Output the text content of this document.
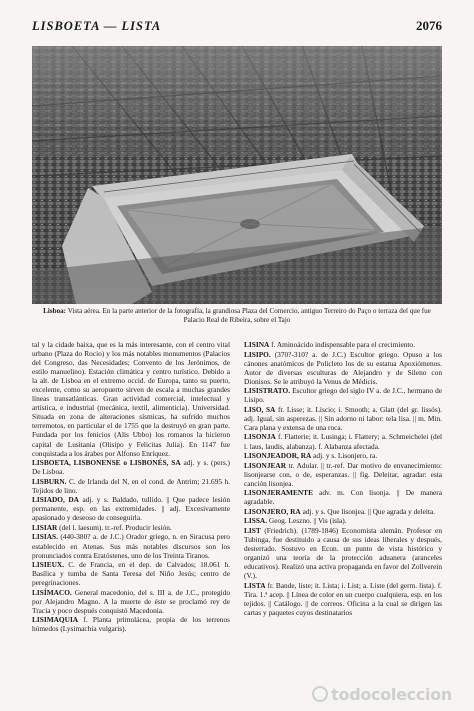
LISBOETA — LISTA	2076
Lisboa: Vista aérea. En la parte anterior de la fotografía, la grandiosa Plaza del Comercio, antiguo Terreiro do Paço o terraza del que fue Palacio Real de Ribeira, sobre el Tajo

tal y la cidade baixa, que es la más interesante, con el centro vital urbano (Plaza do Rocio) y los más notables monumentos (Palacios del Congreso, das Necesidades; Convento de los Jerónimos, de estilo manuelino). Estación climática y centro turístico. Debido a la alt. de Lisboa en el extremo occid. de Europa, tanto su puerto, excelente, como su aeropuerto sirven de escala a muchas grandes líneas transatlánticas. Gran actividad comercial, intelectual y artística, e industrial (mecánica, textil, alimenticia). Universidad. Situada en zona de alteraciones sísmicas, ha sufrido muchos terremotos, en particular el de 1755 que la destruyó en gran parte. Fundada por los fenicios (Alis Ubbo) los romanos la hicieron capital de Lusitania (Olisipo y Felicitas Julia). En 1147 fue conquistada a los árabes por Alfonso Enríquez.

LISBOETA, LISBONENSE o LISBONÉS, SA adj. y s. (pers.) De Lisboa.

LISBURN. C. de Irlanda del N, en el cond. de Antrim; 21.695 h. Tejidos de lino.

LISIADO, DA adj. y s. Baldado, tullido. || Que padece lesión permanente, esp. en las extremidades. || adj. Excesivamente apasionado y deseoso de conseguirla.

LISIAR (del l. laesum). tr.-ref. Producir lesión.

LISIAS. (440-380? a. de J.C.) Orador griego, n. en Siracusa pero establecido en Atenas. Sus más notables discursos son los pronunciados contra Eratóstenes, uno de los Treinta Tiranos.

LISIEUX. C. de Francia, en el dep. de Calvados; 18.061 h. Basílica y tumba de Santa Teresa del Niño Jesús; centro de peregrinaciones.

LISÍMACO. General macedonio, del s. III a. de J.C., protegido por Alejandro Magno. A la muerte de éste se proclamó rey de Tracia y poco después conquistó Macedonia.

LISIMAQUIA f. Planta primulácea, propia de los terrenos húmedos (Lysimachia vulgaris).

LISINA f. Aminoácido indispensable para el crecimiento.

LISIPO. (370?-310? a. de J.C.) Escultor griego. Opuso a los cánones anatómicos de Policleto los de su estatua Apoxiómenos. Autor de diversas esculturas de Alejandro y de Sileno con Dionisos. Se le atribuyó la Venus de Médicis.

LISISTRATO. Escultor griego del siglo IV a. de J.C., hermano de Lisipo.

LISO, SA fr. Lisse; it. Liscio; i. Smooth; a. Glatt (del gr. lissós). adj. Igual, sin asperezas. || Sin adorno ni labor: tela lisa. || m. Min. Cara plana y extensa de una roca.

LISONJA f. Flatterie; it. Lusinga; i. Flattery; a. Schmeichelei (del l. laus, laudis, alabanza). f. Alabanza afectada.

LISONJEADOR, RA adj. y s. Lisonjero, ra.

LISONJEAR tr. Adular. || tr.-ref. Dar motivo de envanecimiento: lisonjearse con, o de, esperanzas. || fig. Deleitar, agradar: esta canción lisonjea.

LISONJERAMENTE adv. m. Con lisonja. || De manera agradable.

LISONJERO, RA adj. y s. Que lisonjea. || Que agrada y deleita.

LISSA. Geog. Leszno. || Vis (isla).

LIST (Friedrich). (1789-1846) Economista alemán. Profesor en Tubinga, fue destituido a causa de sus ideas liberales y después, desterrado. Sostuvo en Econ. un punto de vista histórico y organizó una teoría de la protección aduanera (aranceles educativos). Realizó una activa propaganda en favor del Zollverein (V.).

LISTA fr. Bande, liste; it. Lista; i. List; a. Liste (del germ. lista). f. Tira. 1.ª acep. || Línea de color en un cuerpo cualquiera, esp. en los tejidos. || Catálogo. || de correos. Oficina a la cual se dirigen las cartas y paquetes cuyos destinatarios

todocoleccion
